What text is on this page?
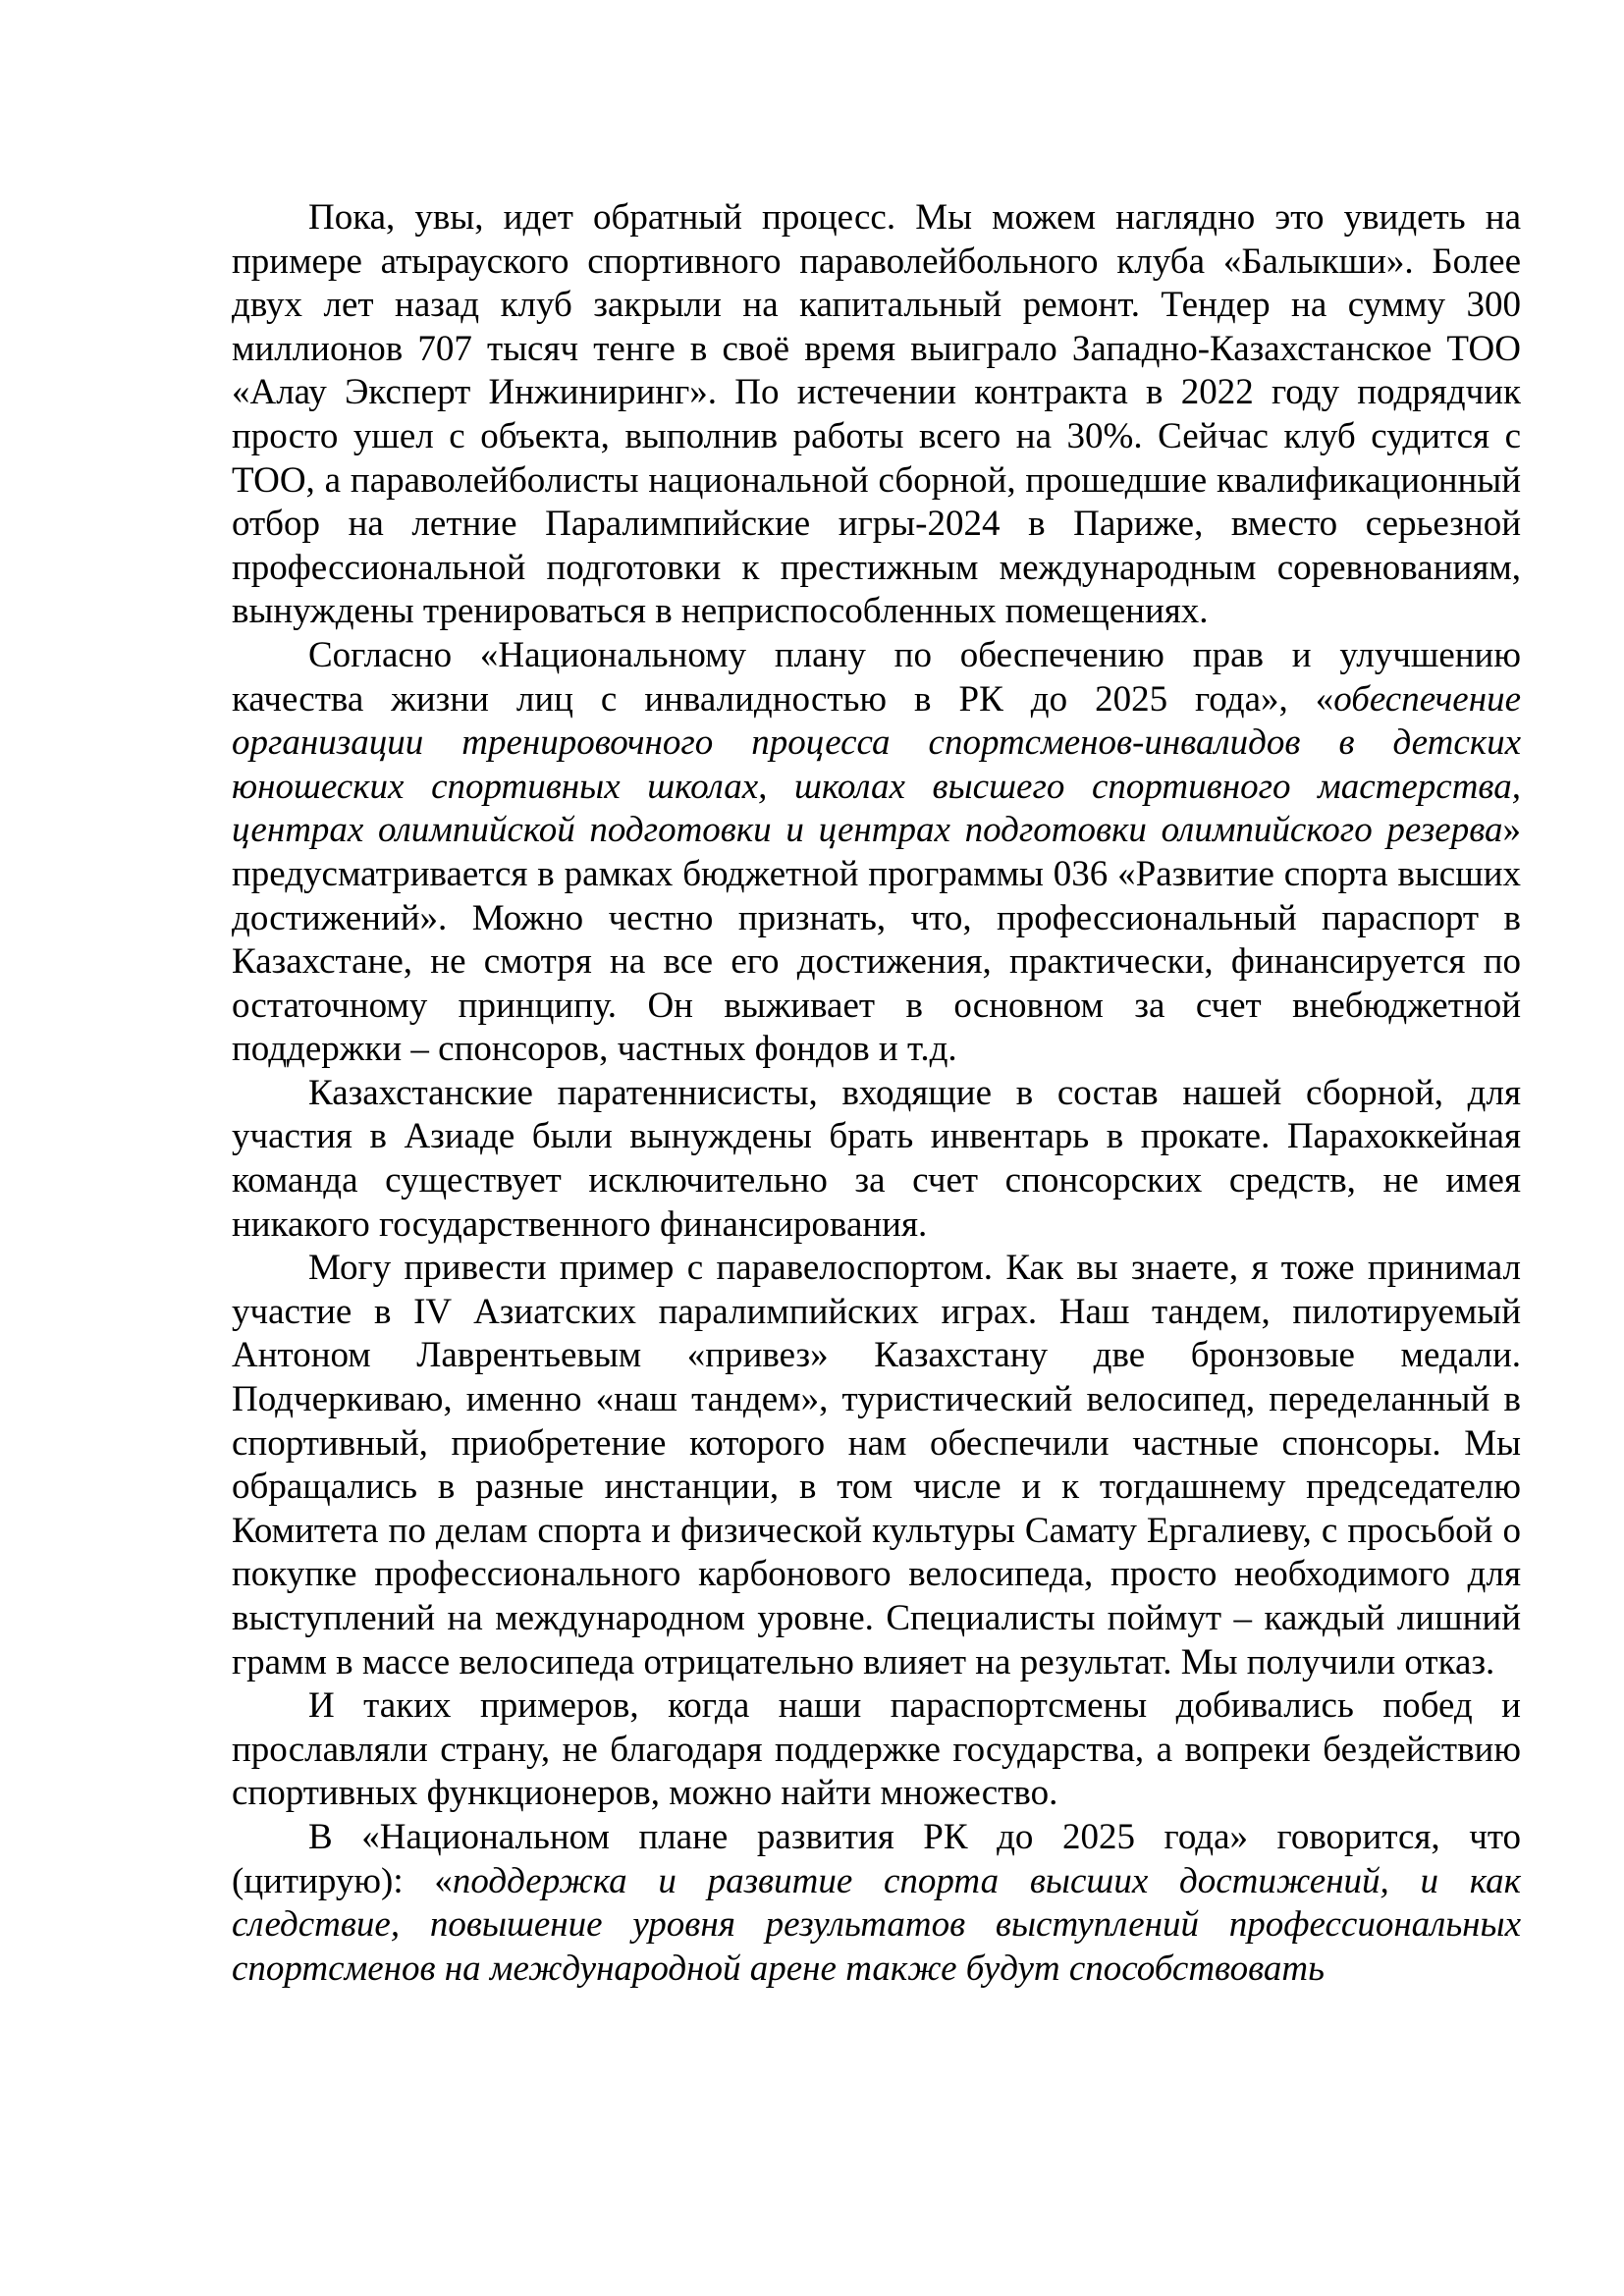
Пока, увы, идет обратный процесс. Мы можем наглядно это увидеть на примере атырауского спортивного параволейбольного клуба «Балыкши». Более двух лет назад клуб закрыли на капитальный ремонт. Тендер на сумму 300 миллионов 707 тысяч тенге в своё время выиграло Западно-Казахстанское ТОО «Алау Эксперт Инжиниринг». По истечении контракта в 2022 году подрядчик просто ушел с объекта, выполнив работы всего на 30%. Сейчас клуб судится с ТОО, а параволейболисты национальной сборной, прошедшие квалификационный отбор на летние Паралимпийские игры-2024 в Париже, вместо серьезной профессиональной подготовки к престижным международным соревнованиям, вынуждены тренироваться в неприспособленных помещениях.

Согласно «Национальному плану по обеспечению прав и улучшению качества жизни лиц с инвалидностью в РК до 2025 года», «обеспечение организации тренировочного процесса спортсменов-инвалидов в детских юношеских спортивных школах, школах высшего спортивного мастерства, центрах олимпийской подготовки и центрах подготовки олимпийского резерва» предусматривается в рамках бюджетной программы 036 «Развитие спорта высших достижений». Можно честно признать, что, профессиональный параспорт в Казахстане, не смотря на все его достижения, практически, финансируется по остаточному принципу. Он выживает в основном за счет внебюджетной поддержки – спонсоров, частных фондов и т.д.

Казахстанские паратеннисисты, входящие в состав нашей сборной, для участия в Азиаде были вынуждены брать инвентарь в прокате. Парахоккейная команда существует исключительно за счет спонсорских средств, не имея никакого государственного финансирования.

Могу привести пример с паравелоспортом. Как вы знаете, я тоже принимал участие в IV Азиатских паралимпийских играх. Наш тандем, пилотируемый Антоном Лаврентьевым «привез» Казахстану две бронзовые медали. Подчеркиваю, именно «наш тандем», туристический велосипед, переделанный в спортивный, приобретение которого нам обеспечили частные спонсоры. Мы обращались в разные инстанции, в том числе и к тогдашнему председателю Комитета по делам спорта и физической культуры Самату Ергалиеву, с просьбой о покупке профессионального карбонового велосипеда, просто необходимого для выступлений на международном уровне. Специалисты поймут – каждый лишний грамм в массе велосипеда отрицательно влияет на результат. Мы получили отказ.

И таких примеров, когда наши параспортсмены добивались побед и прославляли страну, не благодаря поддержке государства, а вопреки бездействию спортивных функционеров, можно найти множество.

В «Национальном плане развития РК до 2025 года» говорится, что (цитирую): «поддержка и развитие спорта высших достижений, и как следствие, повышение уровня результатов выступлений профессиональных спортсменов на международной арене также будут способствовать
